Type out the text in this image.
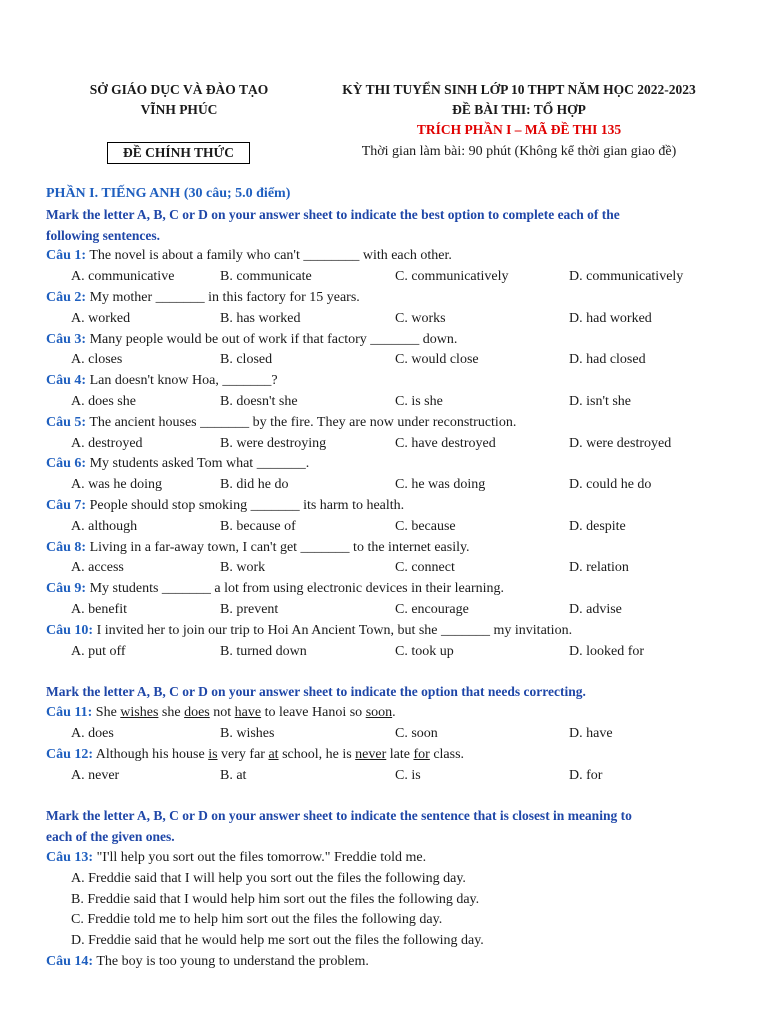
SỞ GIÁO DỤC VÀ ĐÀO TẠO
VĨNH PHÚC
ĐỀ CHÍNH THỨC
KỲ THI TUYỂN SINH LỚP 10 THPT NĂM HỌC 2022-2023
ĐỀ BÀI THI: TỔ HỢP
TRÍCH PHẦN I – MÃ ĐỀ THI 135
Thời gian làm bài: 90 phút (Không kể thời gian giao đề)
PHẦN I. TIẾNG ANH (30 câu; 5.0 điểm)
Mark the letter A, B, C or D on your answer sheet to indicate the best option to complete each of the
following sentences.
Câu 1: The novel is about a family who can't ________ with each other.
A. communicative	B. communicate	C. communicatively	D. communicatively
Câu 2: My mother _______ in this factory for 15 years.
A. worked	B. has worked	C. works	D. had worked
Câu 3: Many people would be out of work if that factory _______ down.
A. closes	B. closed	C. would close	D. had closed
Câu 4: Lan doesn't know Hoa, _______?
A. does she	B. doesn't she	C. is she	D. isn't she
Câu 5: The ancient houses _______ by the fire. They are now under reconstruction.
A. destroyed	B. were destroying	C. have destroyed	D. were destroyed
Câu 6: My students asked Tom what _______.
A. was he doing	B. did he do	C. he was doing	D. could he do
Câu 7: People should stop smoking _______ its harm to health.
A. although	B. because of	C. because	D. despite
Câu 8: Living in a far-away town, I can't get _______ to the internet easily.
A. access	B. work	C. connect	D. relation
Câu 9: My students _______ a lot from using electronic devices in their learning.
A. benefit	B. prevent	C. encourage	D. advise
Câu 10: I invited her to join our trip to Hoi An Ancient Town, but she _______ my invitation.
A. put off	B. turned down	C. took up	D. looked for
Mark the letter A, B, C or D on your answer sheet to indicate the option that needs correcting.
Câu 11: She wishes she does not have to leave Hanoi so soon.
A. does	B. wishes	C. soon	D. have
Câu 12: Although his house is very far at school, he is never late for class.
A. never	B. at	C. is	D. for
Mark the letter A, B, C or D on your answer sheet to indicate the sentence that is closest in meaning to
each of the given ones.
Câu 13: "I'll help you sort out the files tomorrow." Freddie told me.
A. Freddie said that I will help you sort out the files the following day.
B. Freddie said that I would help him sort out the files the following day.
C. Freddie told me to help him sort out the files the following day.
D. Freddie said that he would help me sort out the files the following day.
Câu 14: The boy is too young to understand the problem.
